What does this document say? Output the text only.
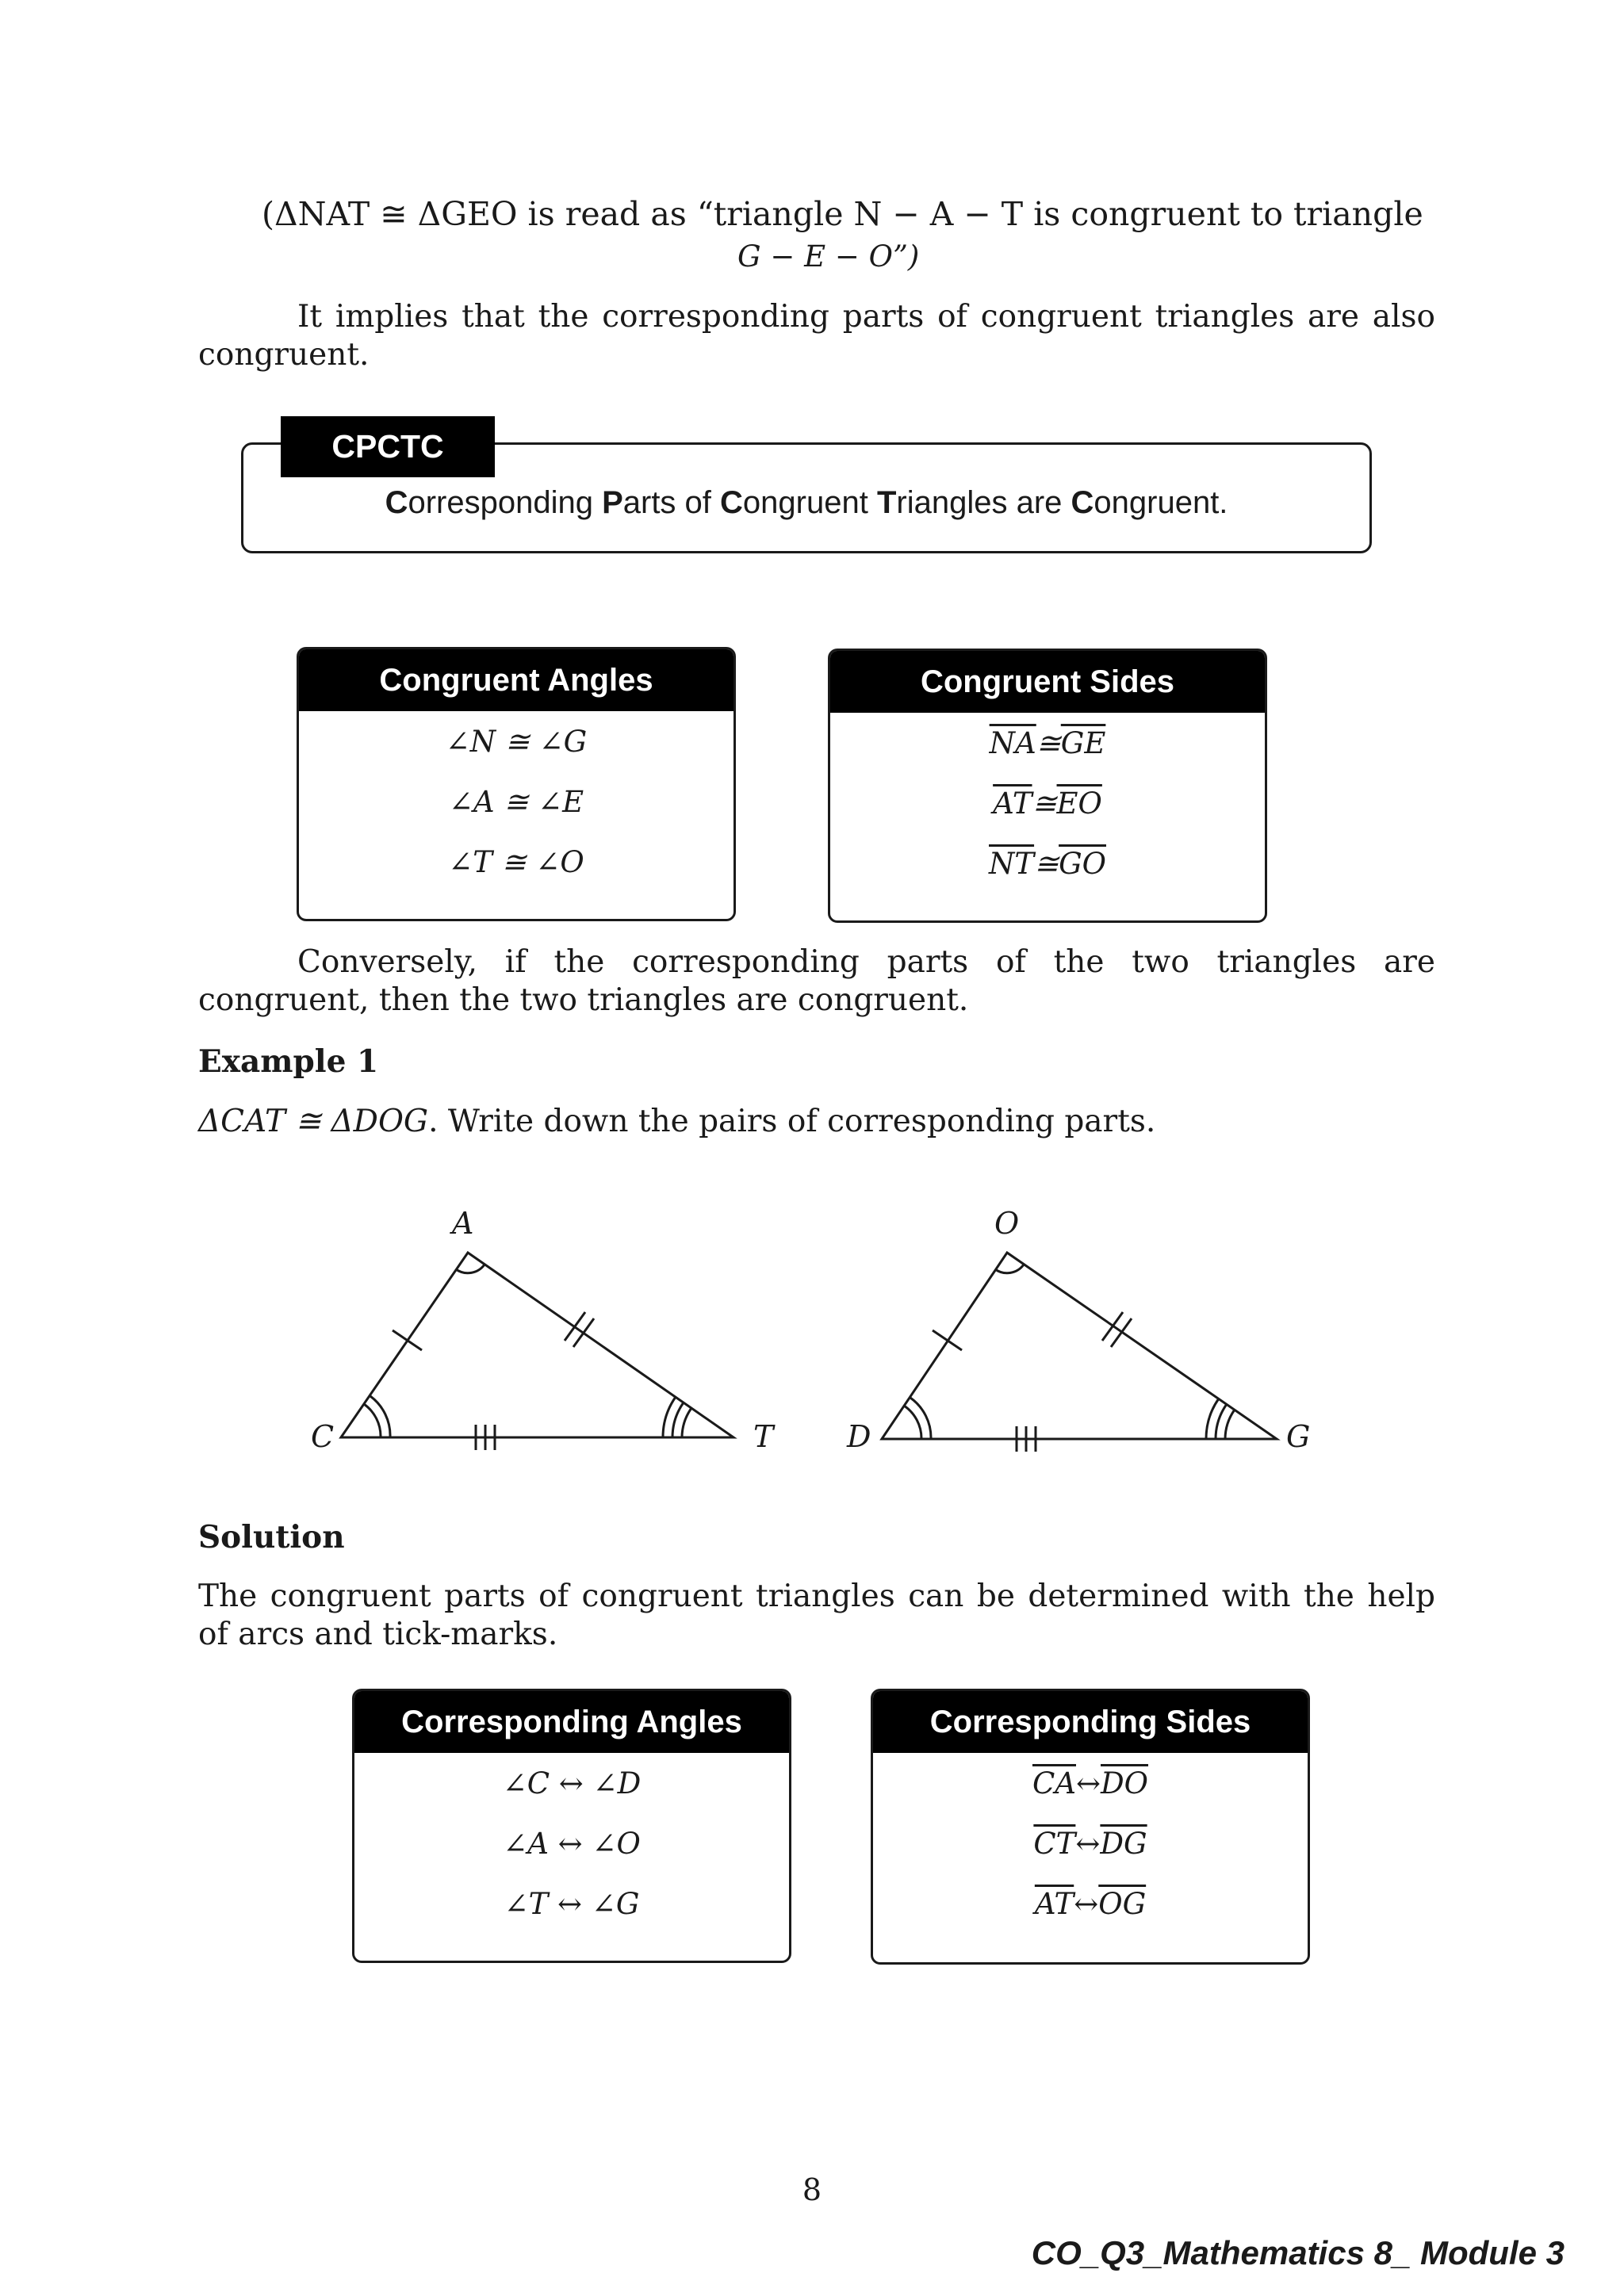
(ΔNAT ≅ ΔGEO is read as “triangle N − A − T is congruent to triangle
G − E − O”)
It implies that the corresponding parts of congruent triangles are also congruent.
CPCTC
Corresponding Parts of Congruent Triangles are Congruent.
Congruent Angles
∠N ≅ ∠G
∠A ≅ ∠E
∠T ≅ ∠O
Congruent Sides
$\overline{NA}$ ≅ $\overline{GE}$
$\overline{AT}$ ≅ $\overline{EO}$
$\overline{NT}$ ≅ $\overline{GO}$
Conversely, if the corresponding parts of the two triangles are congruent, then the two triangles are congruent.
Example 1
ΔCAT ≅ ΔDOG. Write down the pairs of corresponding parts.
A
C	T
O
D	G
Solution
The congruent parts of congruent triangles can be determined with the help of arcs and tick-marks.
Corresponding Angles
∠C ↔ ∠D
∠A ↔ ∠O
∠T ↔ ∠G
Corresponding Sides
$\overline{CA}$ ↔ $\overline{DO}$
$\overline{CT}$ ↔ $\overline{DG}$
$\overline{AT}$ ↔ $\overline{OG}$
8
CO_Q3_Mathematics 8_ Module 3
